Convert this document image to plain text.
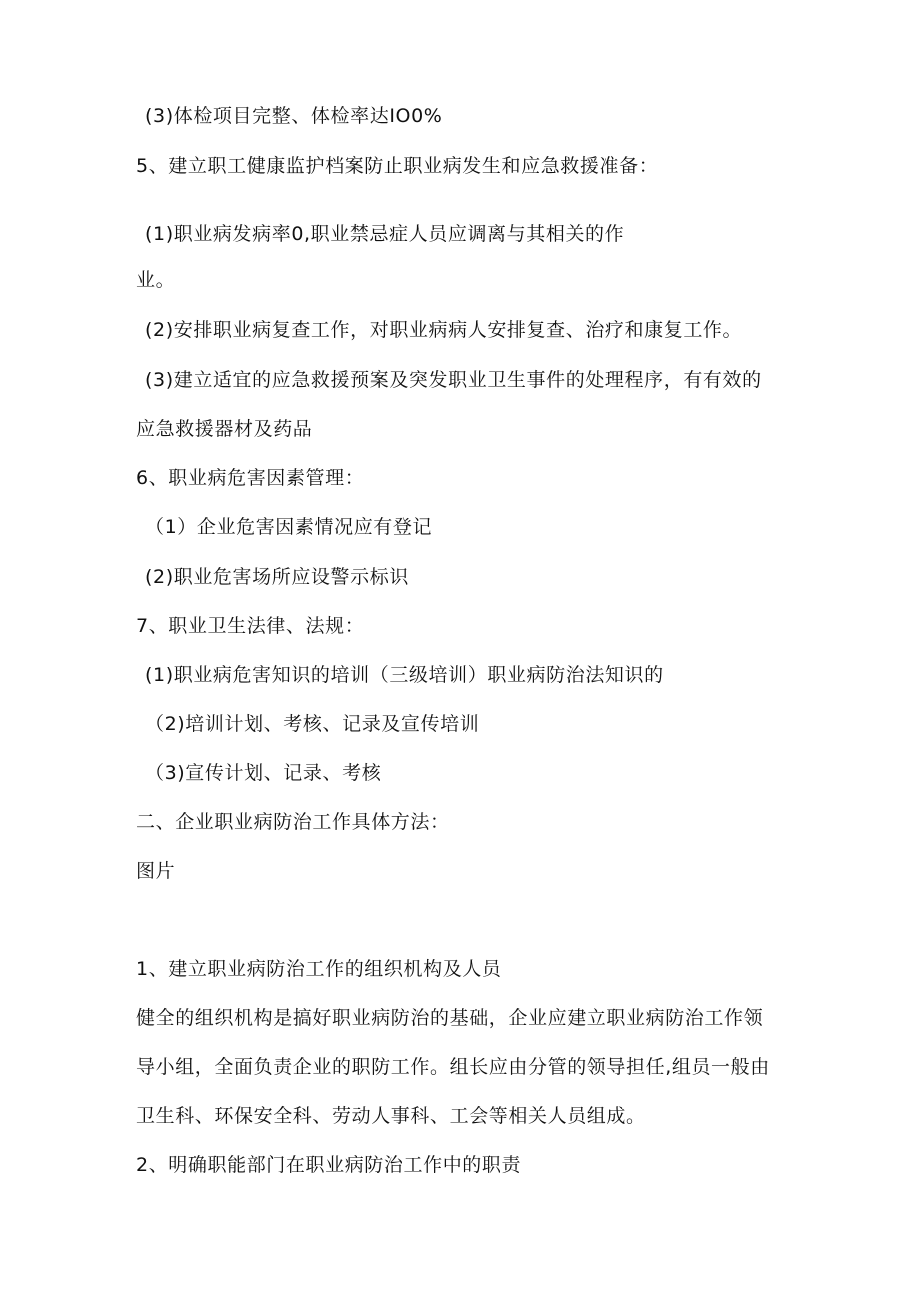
(3)体检项目完整、体检率达IO0%
5、建立职工健康监护档案防止职业病发生和应急救援准备：
(1)职业病发病率0,职业禁忌症人员应调离与其相关的作
业。
(2)安排职业病复查工作，对职业病病人安排复查、治疗和康复工作。
(3)建立适宜的应急救援预案及突发职业卫生事件的处理程序，有有效的
应急救援器材及药品
6、职业病危害因素管理：
（1）企业危害因素情况应有登记
(2)职业危害场所应设警示标识
7、职业卫生法律、法规：
(1)职业病危害知识的培训（三级培训）职业病防治法知识的
（2)培训计划、考核、记录及宣传培训
（3)宣传计划、记录、考核
二、企业职业病防治工作具体方法：
图片
1、建立职业病防治工作的组织机构及人员
健全的组织机构是搞好职业病防治的基础，企业应建立职业病防治工作领
导小组，全面负责企业的职防工作。组长应由分管的领导担任,组员一般由
卫生科、环保安全科、劳动人事科、工会等相关人员组成。
2、明确职能部门在职业病防治工作中的职责
